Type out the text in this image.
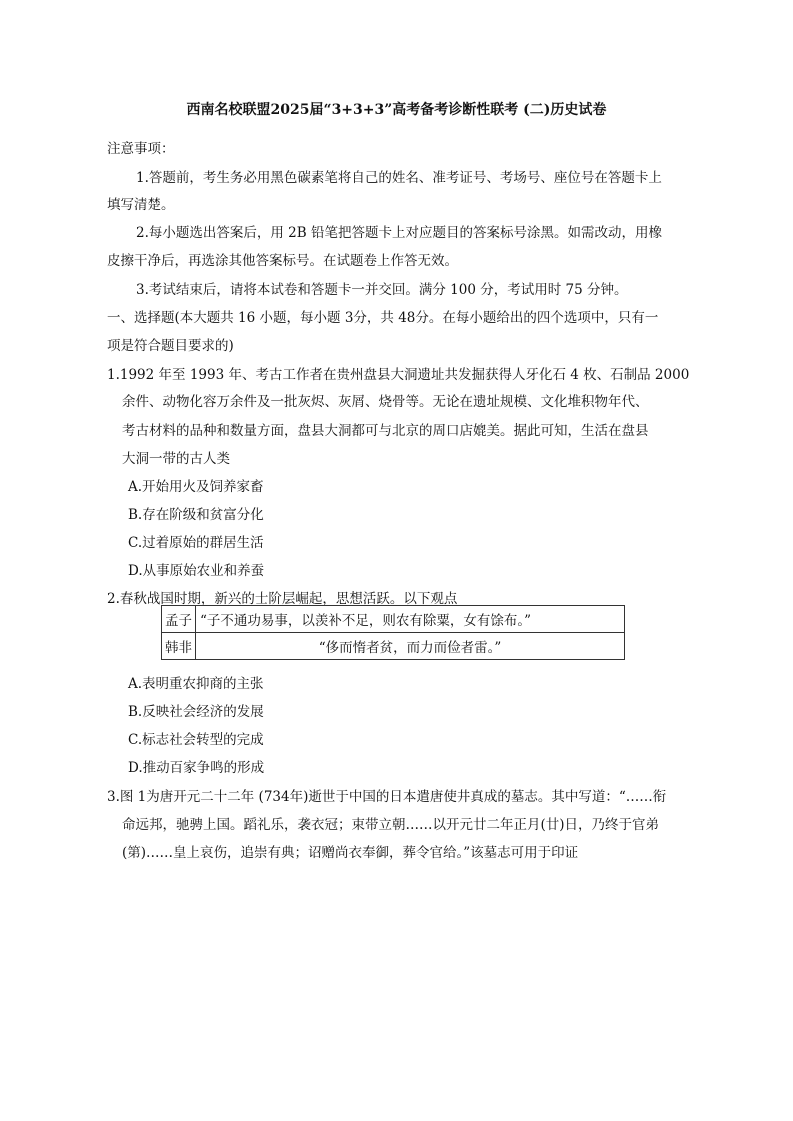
西南名校联盟2025届“3+3+3”高考备考诊断性联考 (二)历史试卷
注意事项：
1.答题前，考生务必用黑色碳素笔将自己的姓名、准考证号、考场号、座位号在答题卡上
填写清楚。
2.每小题选出答案后，用 2B 铅笔把答题卡上对应题目的答案标号涂黑。如需改动，用橡
皮擦干净后，再选涂其他答案标号。在试题卷上作答无效。
3.考试结束后，请将本试卷和答题卡一并交回。满分 100 分，考试用时 75 分钟。
一、选择题(本大题共 16 小题，每小题 3分，共 48分。在每小题给出的四个选项中，只有一
项是符合题目要求的)
1.1992 年至 1993 年、考古工作者在贵州盘县大洞遗址共发掘获得人牙化石 4 枚、石制品 2000
余件、动物化容万余件及一批灰烬、灰屑、烧骨等。无论在遗址规模、文化堆积物年代、
考古材料的品种和数量方面，盘县大洞都可与北京的周口店媲美。据此可知，生活在盘县
大洞一带的古人类
A.开始用火及饲养家畜
B.存在阶级和贫富分化
C.过着原始的群居生活
D.从事原始农业和养蚕
2.春秋战国时期，新兴的士阶层崛起，思想活跃。以下观点
孟子	“子不通功易事，以羡补不足，则农有除粟，女有馀布。”
韩非	“侈而惰者贫，而力而俭者雷。”
A.表明重农抑商的主张
B.反映社会经济的发展
C.标志社会转型的完成
D.推动百家争鸣的形成
3.图 1为唐开元二十二年 (734年)逝世于中国的日本遣唐使井真成的墓志。其中写道：“……衔
命远邦，驰骋上国。蹈礼乐，袭衣冠；束带立朝……以开元廿二年正月(廿)日，乃终于官弟
(第)……皇上哀伤，追崇有典；诏赠尚衣奉御，葬令官给。”该墓志可用于印证
